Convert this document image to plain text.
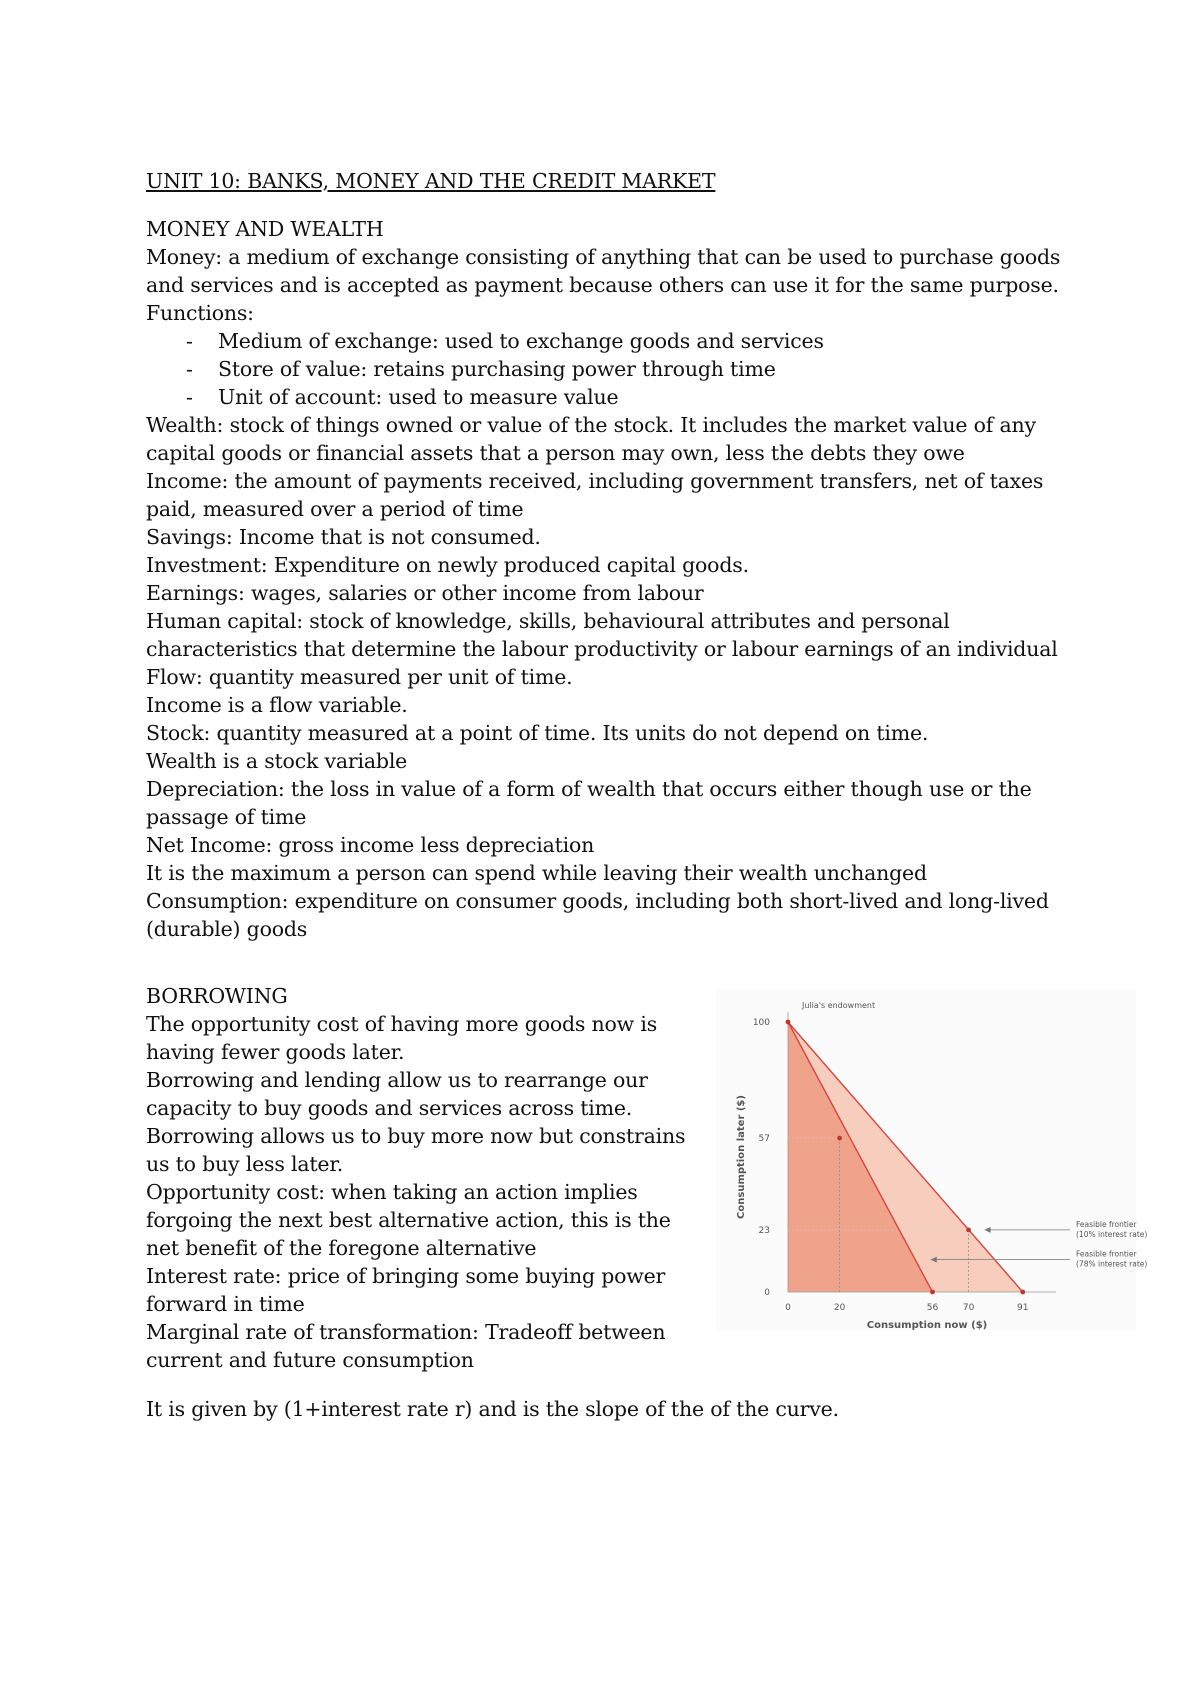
UNIT 10: BANKS, MONEY AND THE CREDIT MARKET

MONEY AND WEALTH

Money: a medium of exchange consisting of anything that can be used to purchase goods and services and is accepted as payment because others can use it for the same purpose.

Functions:

- Medium of exchange: used to exchange goods and services
- Store of value: retains purchasing power through time
- Unit of account: used to measure value

Wealth: stock of things owned or value of the stock. It includes the market value of any capital goods or financial assets that a person may own, less the debts they owe

Income: the amount of payments received, including government transfers, net of taxes paid, measured over a period of time

Savings: Income that is not consumed.

Investment: Expenditure on newly produced capital goods.

Earnings: wages, salaries or other income from labour

Human capital: stock of knowledge, skills, behavioural attributes and personal characteristics that determine the labour productivity or labour earnings of an individual

Flow: quantity measured per unit of time.

Income is a flow variable.

Stock: quantity measured at a point of time. Its units do not depend on time.

Wealth is a stock variable

Depreciation: the loss in value of a form of wealth that occurs either though use or the passage of time

Net Income: gross income less depreciation

It is the maximum a person can spend while leaving their wealth unchanged

Consumption: expenditure on consumer goods, including both short-lived and long-lived (durable) goods

BORROWING

The opportunity cost of having more goods now is having fewer goods later.

Borrowing and lending allow us to rearrange our capacity to buy goods and services across time.

Borrowing allows us to buy more now but constrains us to buy less later.

Opportunity cost: when taking an action implies forgoing the next best alternative action, this is the net benefit of the foregone alternative

Interest rate: price of bringing some buying power forward in time

Marginal rate of transformation: Tradeoff between current and future consumption

It is given by (1+interest rate r) and is the slope of the of the curve.

0	20	56	70	91
0
23
57
100
Consumption now ($)
Consumption later ($)
Julia's endowment
Feasible frontier
(10% interest rate)
Feasible frontier
(78% interest rate)
